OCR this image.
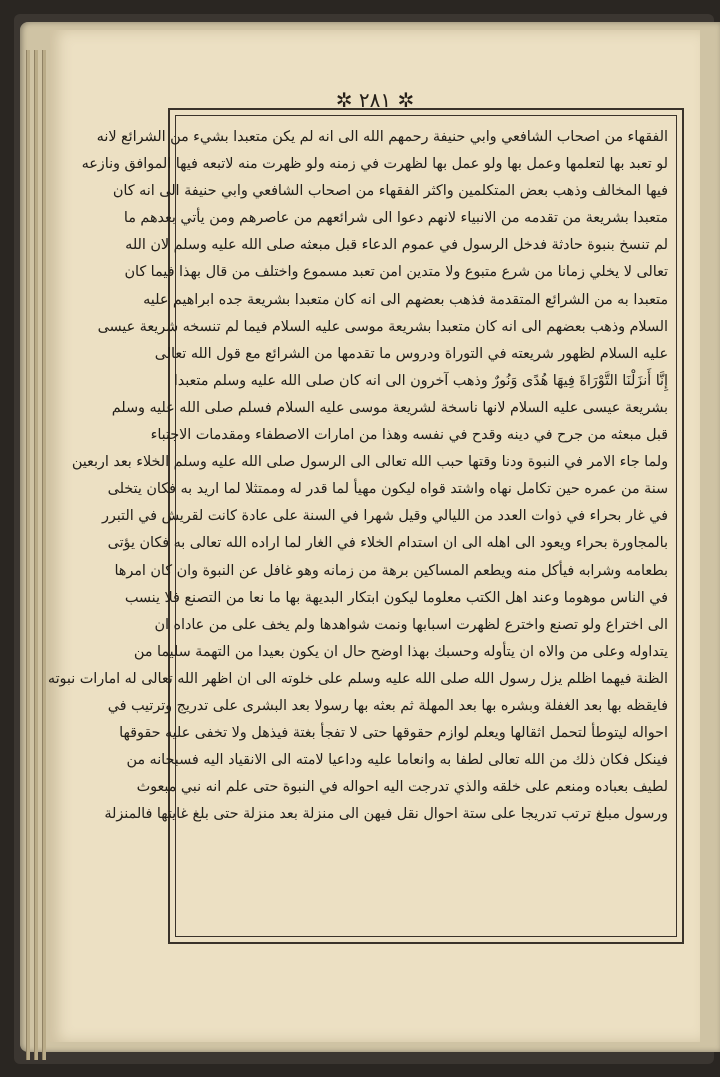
✲ ٢٨١ ✲
الفقهاء من اصحاب الشافعي وابي حنيفة رحمهم الله الى انه لم يكن متعبدا بشيء من الشرائع لانه
لو تعبد بها لتعلمها وعمل بها ولو عمل بها لظهرت في زمنه ولو ظهرت منه لاتبعه فيها الموافق ونازعه
فيها المخالف وذهب بعض المتكلمين واكثر الفقهاء من اصحاب الشافعي وابي حنيفة الى انه كان
متعبدا بشريعة من تقدمه من الانبياء لانهم دعوا الى شرائعهم من عاصرهم ومن يأتي بعدهم ما
لم تنسخ بنبوة حادثة فدخل الرسول في عموم الدعاء قبل مبعثه صلى الله عليه وسلم لان الله
تعالى لا يخلي زمانا من شرع متبوع ولا متدين امن تعبد مسموع واختلف من قال بهذا فيما كان
متعبدا به من الشرائع المتقدمة فذهب بعضهم الى انه كان متعبدا بشريعة جده ابراهيم عليه
السلام وذهب بعضهم الى انه كان متعبدا بشريعة موسى عليه السلام فيما لم تنسخه شريعة عيسى
عليه السلام لظهور شريعته في التوراة ودروس ما تقدمها من الشرائع مع قول الله تعالى
إِنَّا أَنزَلْنَا التَّوْرَاةَ فِيهَا هُدًى وَنُورٌ وذهب آخرون الى انه كان صلى الله عليه وسلم متعبدا
بشريعة عيسى عليه السلام لانها ناسخة لشريعة موسى عليه السلام فسلم صلى الله عليه وسلم
قبل مبعثه من جرح في دينه وقدح في نفسه وهذا من امارات الاصطفاء ومقدمات الاجتباء
ولما جاء الامر في النبوة ودنا وقتها حبب الله تعالى الى الرسول صلى الله عليه وسلم الخلاء بعد اربعين
سنة من عمره حين تكامل نهاه واشتد قواه ليكون مهيأ لما قدر له وممتثلا لما اريد به فكان يتخلى
في غار بحراء في ذوات العدد من الليالي وقيل شهرا في السنة على عادة كانت لقريش في التبرر
بالمجاورة بحراء ويعود الى اهله الى ان استدام الخلاء في الغار لما اراده الله تعالى به فكان يؤتى
بطعامه وشرابه فيأكل منه ويطعم المساكين برهة من زمانه وهو غافل عن النبوة وان كان امرها
في الناس موهوما وعند اهل الكتب معلوما ليكون ابتكار البديهة بها ما نعا من التصنع فلا ينسب
الى اختراع ولو تصنع واخترع لظهرت اسبابها ونمت شواهدها ولم يخف على من عاداه ان
يتداوله وعلى من والاه ان يتأوله وحسبك بهذا اوضح حال ان يكون بعيدا من التهمة سليما من
الظنة فيهما اظلم يزل رسول الله صلى الله عليه وسلم على خلوته الى ان اظهر الله تعالى له امارات نبوته
فايقظه بها بعد الغفلة وبشره بها بعد المهلة ثم بعثه بها رسولا بعد البشرى على تدريج وترتيب في
احواله ليتوطأ لتحمل اثقالها ويعلم لوازم حقوقها حتى لا تفجأ بغتة فيذهل ولا تخفى عليه حقوقها
فينكل فكان ذلك من الله تعالى لطفا به وانعاما عليه وداعيا لامته الى الانقياد اليه فسبحانه من
لطيف بعباده ومنعم على خلقه والذي تدرجت اليه احواله في النبوة حتى علم انه نبي مبعوث
ورسول مبلغ ترتب تدريجا على ستة احوال نقل فيهن الى منزلة بعد منزلة حتى بلغ غايتها فالمنزلة
